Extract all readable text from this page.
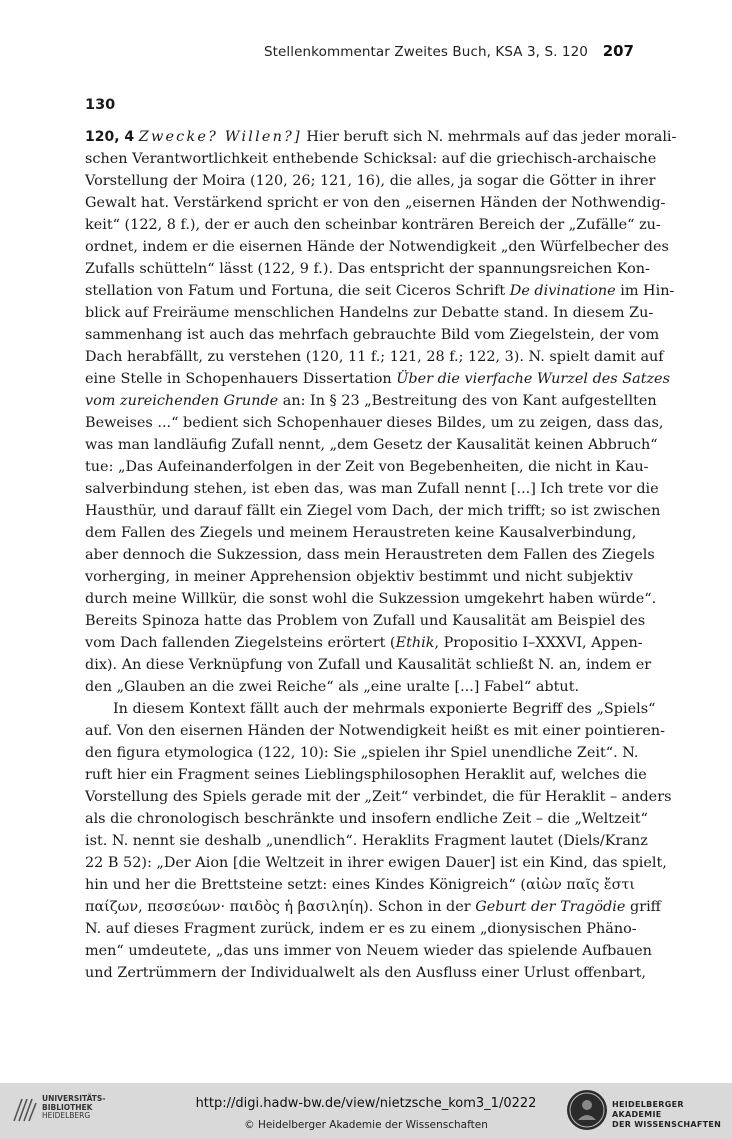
Stellenkommentar Zweites Buch, KSA 3, S. 120 207
130
120, 4 Zwecke? Willen?] Hier beruft sich N. mehrmals auf das jeder morali-
schen Verantwortlichkeit enthebende Schicksal: auf die griechisch-archaische
Vorstellung der Moira (120, 26; 121, 16), die alles, ja sogar die Götter in ihrer
Gewalt hat. Verstärkend spricht er von den „eisernen Händen der Nothwendig-
keit“ (122, 8 f.), der er auch den scheinbar konträren Bereich der „Zufälle“ zu-
ordnet, indem er die eisernen Hände der Notwendigkeit „den Würfelbecher des
Zufalls schütteln“ lässt (122, 9 f.). Das entspricht der spannungsreichen Kon-
stellation von Fatum und Fortuna, die seit Ciceros Schrift De divinatione im Hin-
blick auf Freiräume menschlichen Handelns zur Debatte stand. In diesem Zu-
sammenhang ist auch das mehrfach gebrauchte Bild vom Ziegelstein, der vom
Dach herabfällt, zu verstehen (120, 11 f.; 121, 28 f.; 122, 3). N. spielt damit auf
eine Stelle in Schopenhauers Dissertation Über die vierfache Wurzel des Satzes
vom zureichenden Grunde an: In § 23 „Bestreitung des von Kant aufgestellten
Beweises ...“ bedient sich Schopenhauer dieses Bildes, um zu zeigen, dass das,
was man landläufig Zufall nennt, „dem Gesetz der Kausalität keinen Abbruch“
tue: „Das Aufeinanderfolgen in der Zeit von Begebenheiten, die nicht in Kau-
salverbindung stehen, ist eben das, was man Zufall nennt [...] Ich trete vor die
Hausthür, und darauf fällt ein Ziegel vom Dach, der mich trifft; so ist zwischen
dem Fallen des Ziegels und meinem Heraustreten keine Kausalverbindung,
aber dennoch die Sukzession, dass mein Heraustreten dem Fallen des Ziegels
vorherging, in meiner Apprehension objektiv bestimmt und nicht subjektiv
durch meine Willkür, die sonst wohl die Sukzession umgekehrt haben würde“.
Bereits Spinoza hatte das Problem von Zufall und Kausalität am Beispiel des
vom Dach fallenden Ziegelsteins erörtert (Ethik, Propositio I–XXXVI, Appen-
dix). An diese Verknüpfung von Zufall und Kausalität schließt N. an, indem er
den „Glauben an die zwei Reiche“ als „eine uralte [...] Fabel“ abtut.
In diesem Kontext fällt auch der mehrmals exponierte Begriff des „Spiels“
auf. Von den eisernen Händen der Notwendigkeit heißt es mit einer pointieren-
den figura etymologica (122, 10): Sie „spielen ihr Spiel unendliche Zeit“. N.
ruft hier ein Fragment seines Lieblingsphilosophen Heraklit auf, welches die
Vorstellung des Spiels gerade mit der „Zeit“ verbindet, die für Heraklit – anders
als die chronologisch beschränkte und insofern endliche Zeit – die „Weltzeit“
ist. N. nennt sie deshalb „unendlich“. Heraklits Fragment lautet (Diels/Kranz
22 B 52): „Der Aion [die Weltzeit in ihrer ewigen Dauer] ist ein Kind, das spielt,
hin und her die Brettsteine setzt: eines Kindes Königreich“ (αἰὼν παῖς ἔστι
παίζων, πεσσεύων· παιδὸς ἡ βασιληίη). Schon in der Geburt der Tragödie griff
N. auf dieses Fragment zurück, indem er es zu einem „dionysischen Phäno-
men“ umdeutete, „das uns immer von Neuem wieder das spielende Aufbauen
und Zertrümmern der Individualwelt als den Ausfluss einer Urlust offenbart,
UNIVERSITÄTS-
BIBLIOTHEK
HEIDELBERG
http://digi.hadw-bw.de/view/nietzsche_kom3_1/0222
© Heidelberger Akademie der Wissenschaften
HEIDELBERGER AKADEMIE
DER WISSENSCHAFTEN
